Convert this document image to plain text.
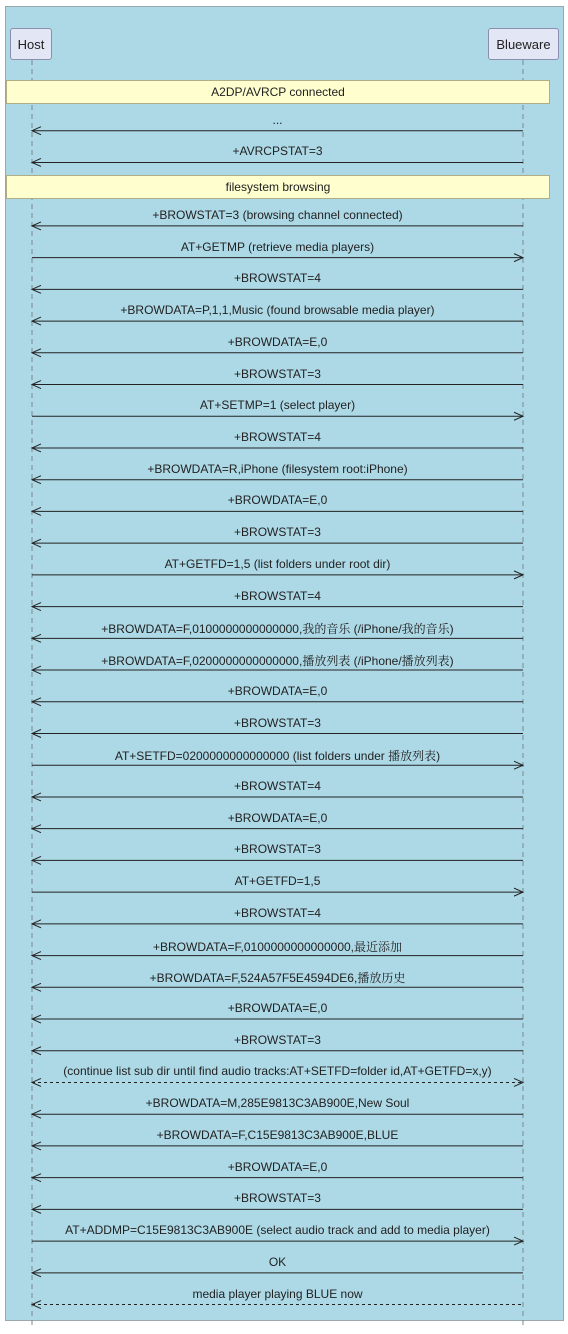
Host	Blueware
A2DP/AVRCP connected
...
+AVRCPSTAT=3
filesystem browsing
+BROWSTAT=3 (browsing channel connected)
AT+GETMP (retrieve media players)
+BROWSTAT=4
+BROWDATA=P,1,1,Music (found browsable media player)
+BROWDATA=E,0
+BROWSTAT=3
AT+SETMP=1 (select player)
+BROWSTAT=4
+BROWDATA=R,iPhone (filesystem root:iPhone)
+BROWDATA=E,0
+BROWSTAT=3
AT+GETFD=1,5 (list folders under root dir)
+BROWSTAT=4
+BROWDATA=F,0100000000000000,我的音乐 (/iPhone/我的音乐)
+BROWDATA=F,0200000000000000,播放列表 (/iPhone/播放列表)
+BROWDATA=E,0
+BROWSTAT=3
AT+SETFD=0200000000000000 (list folders under 播放列表)
+BROWSTAT=4
+BROWDATA=E,0
+BROWSTAT=3
AT+GETFD=1,5
+BROWSTAT=4
+BROWDATA=F,0100000000000000,最近添加
+BROWDATA=F,524A57F5E4594DE6,播放历史
+BROWDATA=E,0
+BROWSTAT=3
(continue list sub dir until find audio tracks:AT+SETFD=folder id,AT+GETFD=x,y)
+BROWDATA=M,285E9813C3AB900E,New Soul
+BROWDATA=F,C15E9813C3AB900E,BLUE
+BROWDATA=E,0
+BROWSTAT=3
AT+ADDMP=C15E9813C3AB900E (select audio track and add to media player)
OK
media player playing BLUE now
